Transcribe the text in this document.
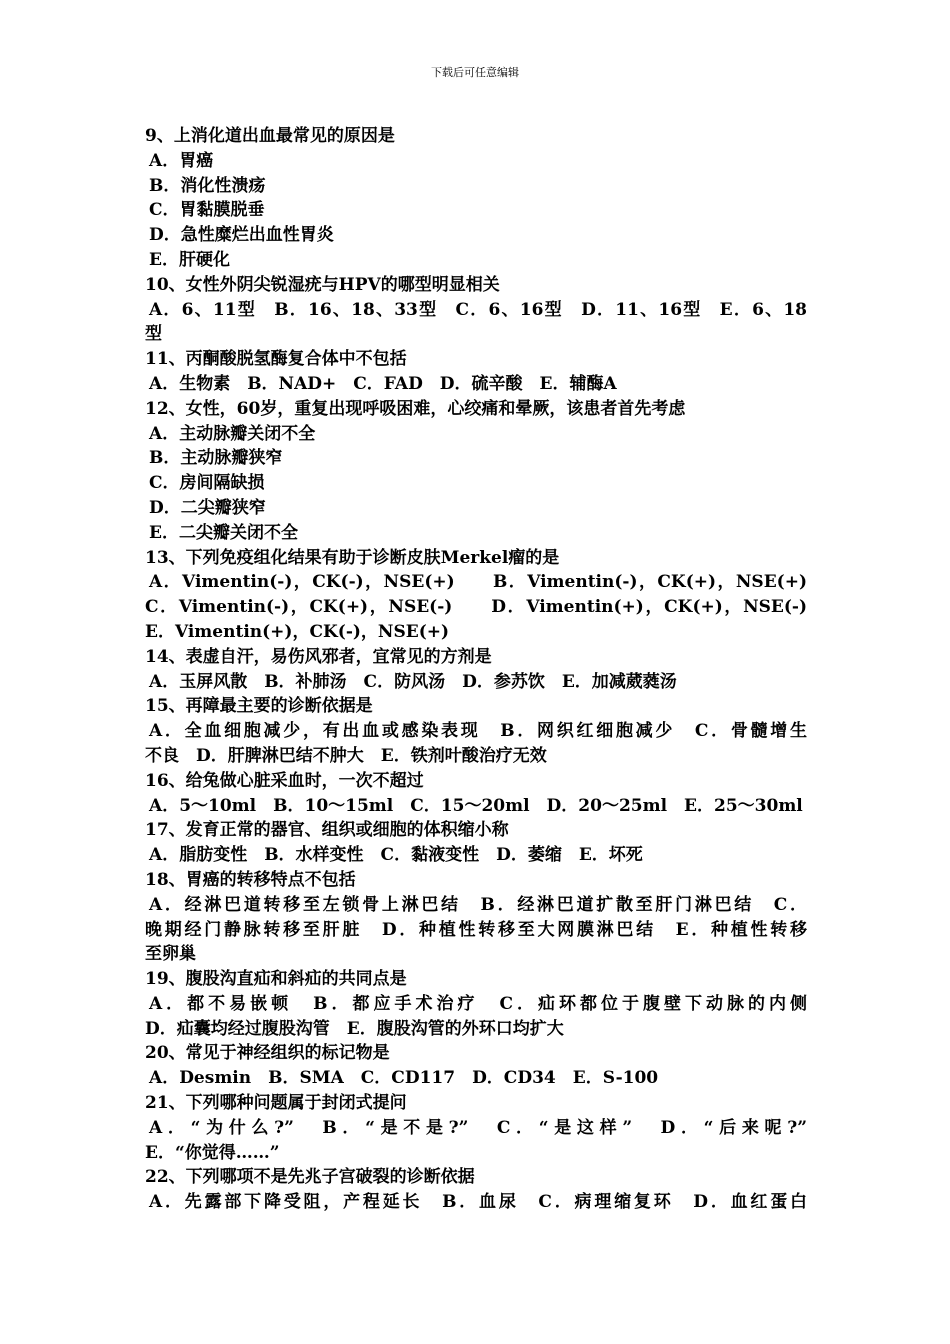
下载后可任意编辑
9、上消化道出血最常见的原因是
A．胃癌
B．消化性溃疡
C．胃黏膜脱垂
D．急性糜烂出血性胃炎
E．肝硬化
10、女性外阴尖锐湿疣与HPV的哪型明显相关
A．6、11型　B．16、18、33型　C．6、16型　D．11、16型　E．6、18
型
11、丙酮酸脱氢酶复合体中不包括
A．生物素　B．NAD+　C．FAD　D．硫辛酸　E．辅酶A
12、女性，60岁，重复出现呼吸困难，心绞痛和晕厥，该患者首先考虑
A．主动脉瓣关闭不全
B．主动脉瓣狭窄
C．房间隔缺损
D．二尖瓣狭窄
E．二尖瓣关闭不全
13、下列免疫组化结果有助于诊断皮肤Merkel瘤的是
A．Vimentin(-)，CK(-)，NSE(+)　　B．Vimentin(-)，CK(+)，NSE(+)
C．Vimentin(-)，CK(+)，NSE(-)　　D．Vimentin(+)，CK(+)，NSE(-)
E．Vimentin(+)，CK(-)，NSE(+)
14、表虚自汗，易伤风邪者，宜常见的方剂是
A．玉屏风散　B．补肺汤　C．防风汤　D．参苏饮　E．加减葳蕤汤
15、再障最主要的诊断依据是
A．全血细胞减少，有出血或感染表现　B．网织红细胞减少　C．骨髓增生
不良　D．肝脾淋巴结不肿大　E．铁剂叶酸治疗无效
16、给兔做心脏采血时，一次不超过
A．5～10ml　B．10～15ml　C．15～20ml　D．20～25ml　E．25～30ml
17、发育正常的器官、组织或细胞的体积缩小称
A．脂肪变性　B．水样变性　C．黏液变性　D．萎缩　E．坏死
18、胃癌的转移特点不包括
A．经淋巴道转移至左锁骨上淋巴结　B．经淋巴道扩散至肝门淋巴结　C．
晚期经门静脉转移至肝脏　D．种植性转移至大网膜淋巴结　E．种植性转移
至卵巢
19、腹股沟直疝和斜疝的共同点是
A．都不易嵌顿　B．都应手术治疗　C．疝环都位于腹壁下动脉的内侧
D．疝囊均经过腹股沟管　E．腹股沟管的外环口均扩大
20、常见于神经组织的标记物是
A．Desmin　B．SMA　C．CD117　D．CD34　E．S-100
21、下列哪种问题属于封闭式提问
A．“为什么?”　B．“是不是?”　C．“是这样”　D．“后来呢?”
E．“你觉得……”
22、下列哪项不是先兆子宫破裂的诊断依据
A．先露部下降受阻，产程延长　B．血尿　C．病理缩复环　D．血红蛋白
